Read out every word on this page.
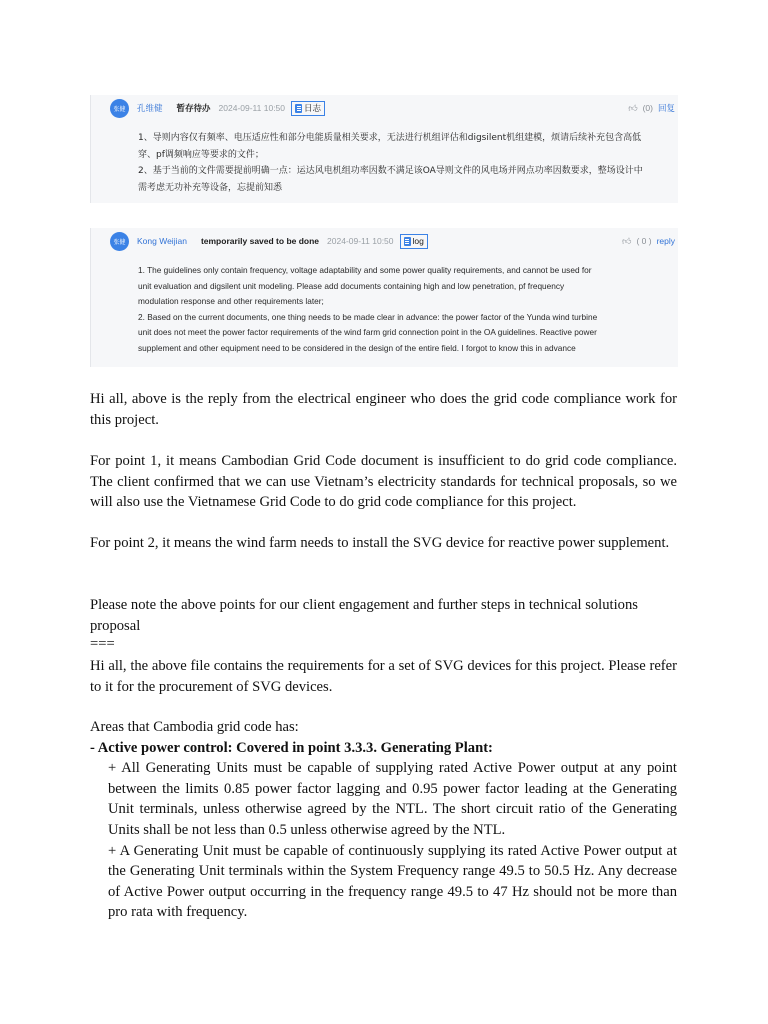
张健	孔维健 暂存待办 2024-09-11 10:50 日志	👍︎ (0) 回复

1、导则内容仅有频率、电压适应性和部分电能质量相关要求，无法进行机组评估和digsilent机组建模，烦请后续补充包含高低

穿、pf调频响应等要求的文件；

2、基于当前的文件需要提前明确一点：运达风电机组功率因数不满足该OA导则文件的风电场并网点功率因数要求，整场设计中

需考虑无功补充等设备，忘提前知悉

张健	Kong Weijian temporarily saved to be done 2024-09-11 10:50 log	👍︎ ( 0 ) reply

1. The guidelines only contain frequency, voltage adaptability and some power quality requirements, and cannot be used for

unit evaluation and digsilent unit modeling. Please add documents containing high and low penetration, pf frequency

modulation response and other requirements later;

2. Based on the current documents, one thing needs to be made clear in advance: the power factor of the Yunda wind turbine

unit does not meet the power factor requirements of the wind farm grid connection point in the OA guidelines. Reactive power

supplement and other equipment need to be considered in the design of the entire field. I forgot to know this in advance

Hi all, above is the reply from the electrical engineer who does the grid code compliance work for this project.

For point 1, it means Cambodian Grid Code document is insufficient to do grid code compliance. The client confirmed that we can use Vietnam’s electricity standards for technical proposals, so we will also use the Vietnamese Grid Code to do grid code compliance for this project.

For point 2, it means the wind farm needs to install the SVG device for reactive power supplement.

Please note the above points for our client engagement and further steps in technical solutions proposal

===

Hi all, the above file contains the requirements for a set of SVG devices for this project. Please refer to it for the procurement of SVG devices.

Areas that Cambodia grid code has:

- Active power control: Covered in point 3.3.3. Generating Plant:

+ All Generating Units must be capable of supplying rated Active Power output at any point between the limits 0.85 power factor lagging and 0.95 power factor leading at the Generating Unit terminals, unless otherwise agreed by the NTL. The short circuit ratio of the Generating Units shall be not less than 0.5 unless otherwise agreed by the NTL.

+ A Generating Unit must be capable of continuously supplying its rated Active Power output at the Generating Unit terminals within the System Frequency range 49.5 to 50.5 Hz. Any decrease of Active Power output occurring in the frequency range 49.5 to 47 Hz should not be more than pro rata with frequency.
